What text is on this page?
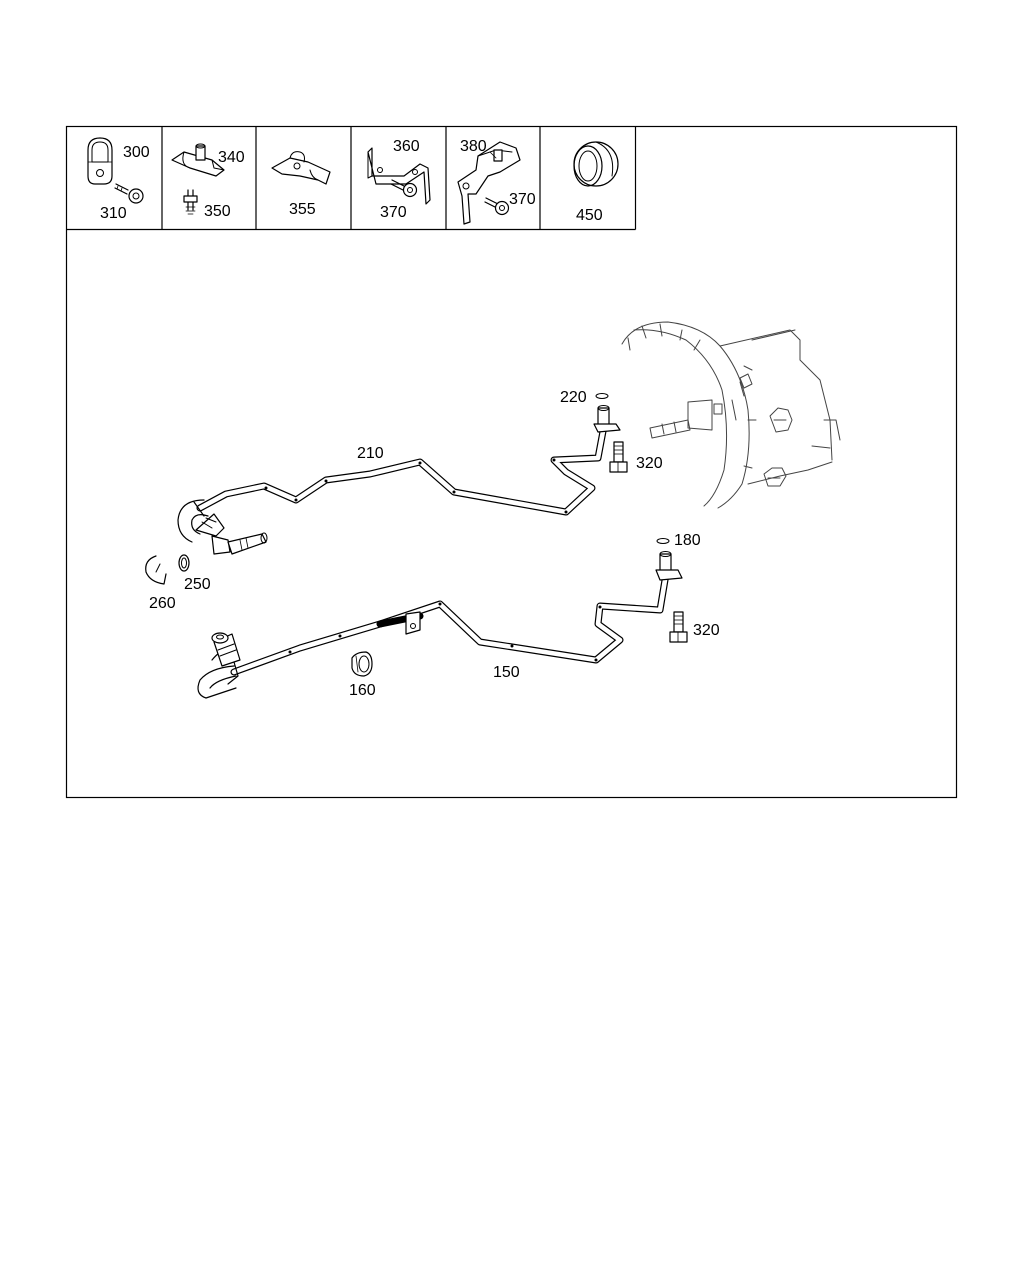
300
310
340
350	355
360
370
380
370
450
210
220
320
250
260
180
320
160
150
